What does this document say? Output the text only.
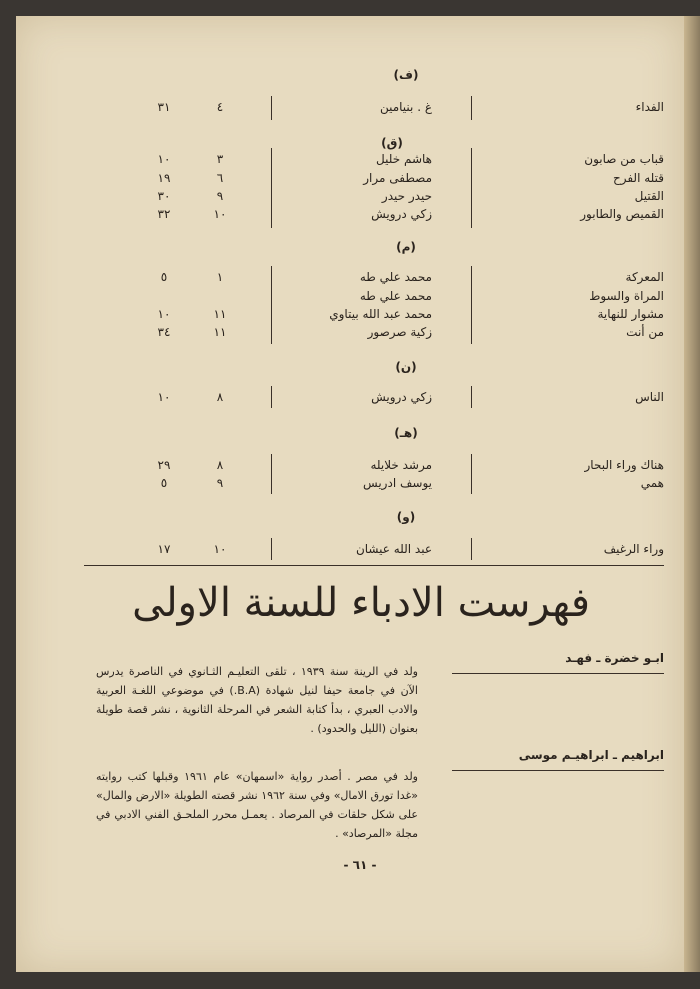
(ف)
الفداء
غ . بنيامين
٤
٣١
(ق)
قباب من صابون
هاشم خليل
٣
١٠
قتله الفرح
مصطفى مرار
٦
١٩
القتيل
حيدر حيدر
٩
٣٠
القميص والطابور
زكي درويش
١٠
٣٢
(م)
المعركة
محمد علي طه
١
٥
المراة والسوط
محمد علي طه
مشوار للنهاية
محمد عبد الله بيتاوي
١١
١٠
من أنت
زكية صرصور
١١
٣٤
(ن)
الناس
زكي درويش
٨
١٠
(هـ)
هناك وراء البحار
مرشد خلايله
٨
٢٩
همي
يوسف ادريس
٩
٥
(و)
وراء الرغيف
عبد الله عيشان
١٠
١٧
فهرست الادباء للسنة الاولى
ابـو خضرة ـ فهـد
ولد في الرينة سنة ١٩٣٩ ، تلقى التعليـم الثـانوي في الناصرة يدرس الآن في جامعة حيفا لنيل شهادة (B.A.) في موضوعي اللغـة العربية والادب العبري ، بدأ كتابة الشعر في المرحلة الثانوية ، نشر قصة طويلة بعنوان (الليل والحدود) .
ابراهيم ـ ابراهيـم موسى
ولد في مصر . أصدر رواية «اسمهان» عام ١٩٦١ وقبلها كتب روايته «غدا تورق الامال» وفي سنة ١٩٦٢ نشر قصته الطويلة «الارض والمال» على شكل حلقات في المرصاد . يعمـل محرر الملحـق الفني الادبي في مجلة «المرصاد» .
- ٦١ -
